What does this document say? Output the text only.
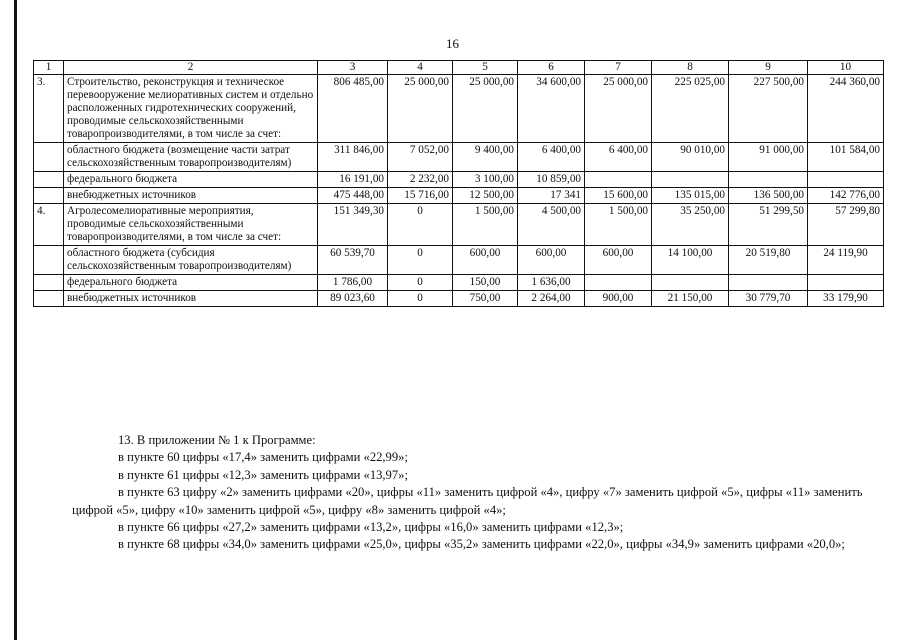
16
1	2	3	4	5	6	7	8	9	10
3.	Строительство, реконструкция и техническое перевооружение мелиоративных систем и отдельно расположенных гидротехнических сооружений, проводимые сельскохозяйственными товаропроизводителями, в том числе за счет:	806 485,00	25 000,00	25 000,00	34 600,00	25 000,00	225 025,00	227 500,00	244 360,00
	областного бюджета (возмещение части затрат сельскохозяйственным товаропроизводителям)	311 846,00	7 052,00	9 400,00	6 400,00	6 400,00	90 010,00	91 000,00	101 584,00
	федерального бюджета	16 191,00	2 232,00	3 100,00	10 859,00				
	внебюджетных источников	475 448,00	15 716,00	12 500,00	17 341	15 600,00	135 015,00	136 500,00	142 776,00
4.	Агролесомелиоративные мероприятия, проводимые сельскохозяйственными товаропроизводителями, в том числе за счет:	151 349,30	0	1 500,00	4 500,00	1 500,00	35 250,00	51 299,50	57 299,80
	областного бюджета (субсидия сельскохозяйственным товаропроизводителям)	60 539,70	0	600,00	600,00	600,00	14 100,00	20 519,80	24 119,90
	федерального бюджета	1 786,00	0	150,00	1 636,00				
	внебюджетных источников	89 023,60	0	750,00	2 264,00	900,00	21 150,00	30 779,70	33 179,90

13. В приложении № 1 к Программе:

в пункте 60 цифры «17,4» заменить цифрами «22,99»;

в пункте 61 цифры «12,3» заменить цифрами «13,97»;

в пункте 63 цифру «2» заменить цифрами «20», цифры «11» заменить цифрой «4», цифру «7» заменить цифрой «5», цифры «11» заменить цифрой «5», цифру «10» заменить цифрой «5», цифру «8» заменить цифрой «4»;

в пункте 66 цифры «27,2» заменить цифрами «13,2», цифры «16,0» заменить цифрами «12,3»;

в пункте 68 цифры «34,0» заменить цифрами «25,0», цифры «35,2» заменить цифрами «22,0», цифры «34,9» заменить цифрами «20,0»;
